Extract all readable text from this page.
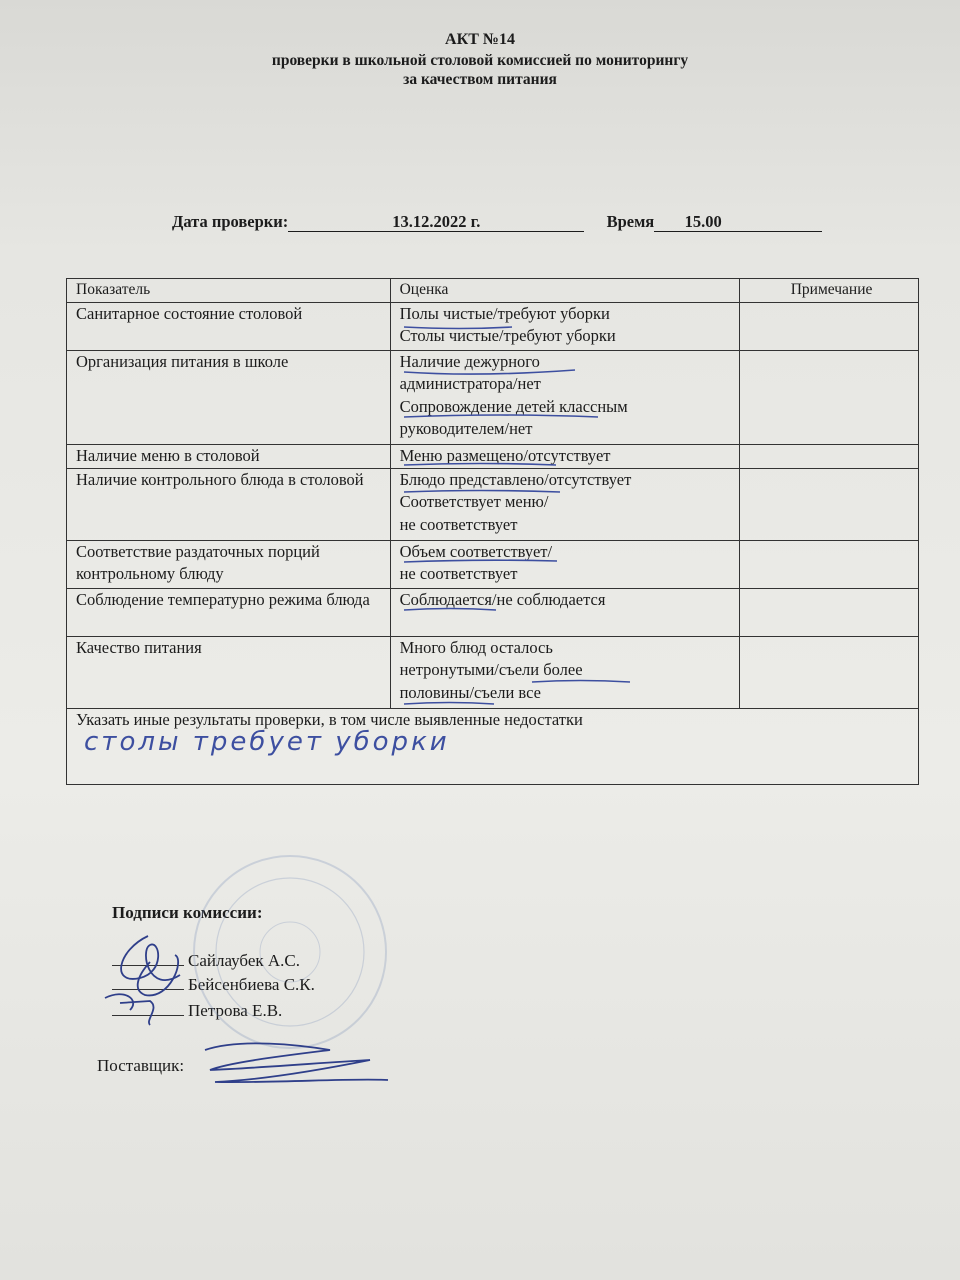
АКТ №14
проверки в школьной столовой комиссией по мониторингу
за качеством питания
Дата проверки:	13.12.2022 г.	Время 15.00
Показатель	Оценка	Примечание
Санитарное состояние столовой	Полы чистые/требуют уборки
Столы чистые/требуют уборки	

Организация питания в школе	Наличие дежурного
администратора/нет
Сопровождение детей классным
руководителем/нет	

Наличие меню в столовой	Меню размещено/отсутствует	

Наличие контрольного блюда в столовой	Блюдо представлено/отсутствует
Соответствует меню/
не соответствует	

Соответствие раздаточных порций контрольному блюду	Объем соответствует/
не соответствует	

Соблюдение температурно режима блюда	Соблюдается/не соблюдается	

Качество питания	Много блюд осталось
нетронутыми/съели более
половины/съели все	

Указать иные результаты проверки, в том числе выявленные недостатки
столы требует уборки		
Подписи комиссии:
Сайлаубек А.С.
Бейсенбиева С.К.
Петрова Е.В.
Поставщик:
